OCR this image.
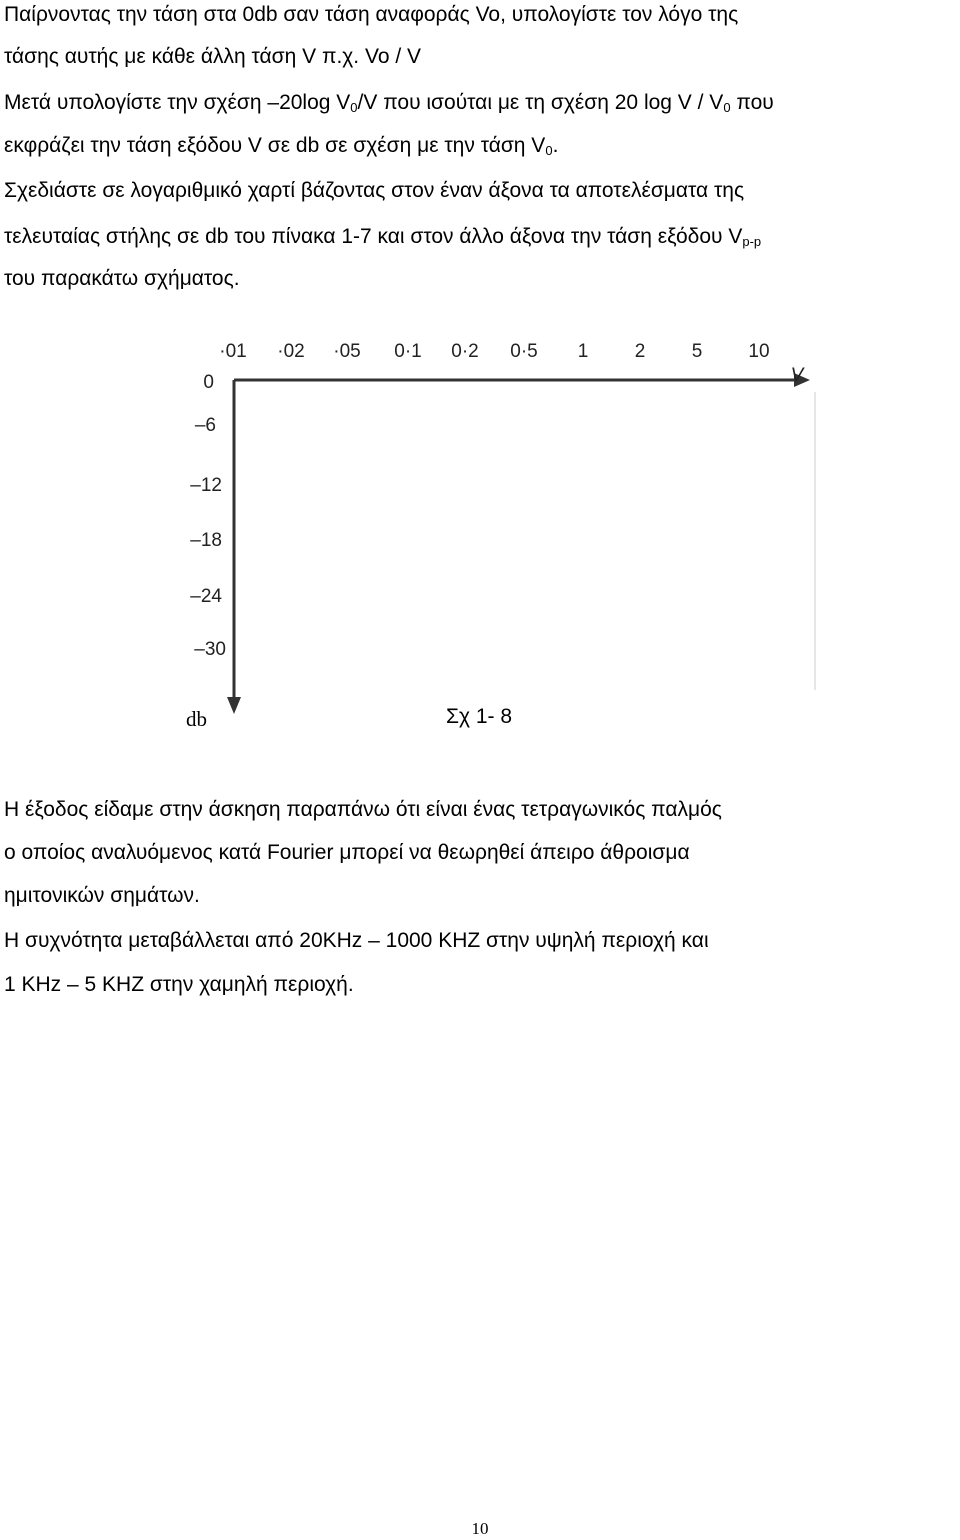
Παίρνοντας την τάση στα 0db σαν τάση αναφοράς Vo, υπολογίστε τον λόγο της
τάσης αυτής με κάθε άλλη τάση V π.χ. Vo / V
Μετά υπολογίστε την σχέση –20log $V_0/V$ που ισούται με τη σχέση 20 log V / $V_0$ που
εκφράζει την τάση εξόδου V σε db σε σχέση με την τάση $V_0$.
Σχεδιάστε σε λογαριθμικό χαρτί βάζοντας στον έναν άξονα τα αποτελέσματα της
τελευταίας στήλης σε db του πίνακα 1-7 και στον άλλο άξονα την τάση εξόδου $V_{p-p}$
του παρακάτω σχήματος.
·01 ·02 ·05 0·1 0·2 0·5 1 2 5 10
V
0
–6
–12
–18
–24
–30
db	Σχ 1- 8
Η έξοδος είδαμε στην άσκηση παραπάνω ότι είναι ένας τετραγωνικός παλμός
ο οποίος αναλυόμενος κατά Fourier μπορεί να θεωρηθεί άπειρο άθροισμα
ημιτονικών σημάτων.
Η συχνότητα μεταβάλλεται από 20KHz – 1000 KHZ στην υψηλή περιοχή και
1 KHz – 5 KHZ στην χαμηλή περιοχή.
10
